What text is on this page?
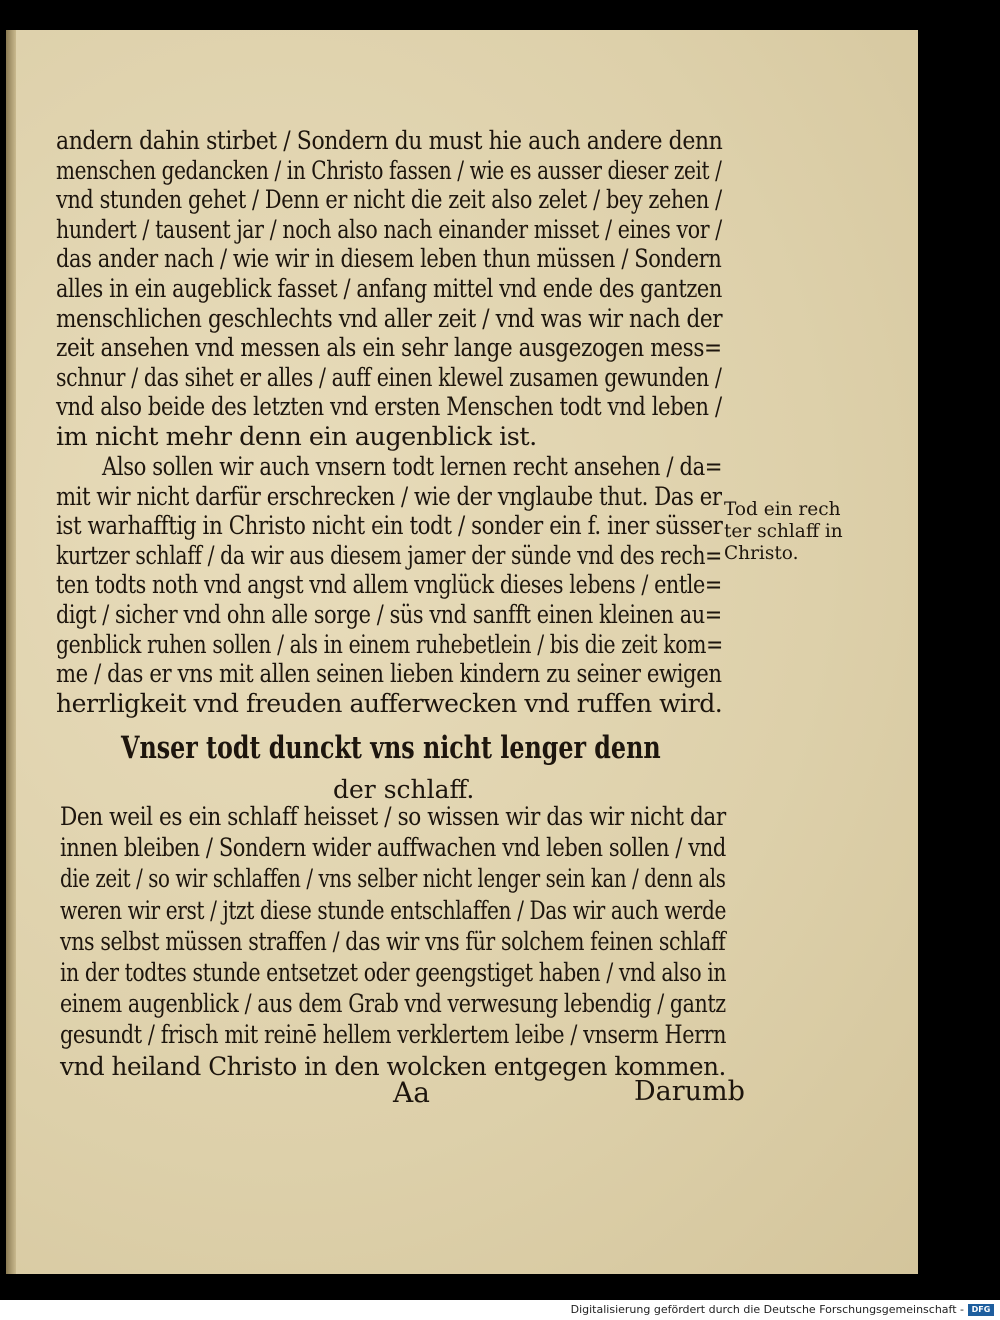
andern dahin stirbet / Sondern du must hie auch andere denn
menschen gedancken / in Christo fassen / wie es ausser dieser zeit /
vnd stunden gehet / Denn er nicht die zeit also zelet / bey zehen /
hundert / tausent jar / noch also nach einander misset / eines vor /
das ander nach / wie wir in diesem leben thun müssen / Sondern
alles in ein augeblick fasset / anfang mittel vnd ende des gantzen
menschlichen geschlechts vnd aller zeit / vnd was wir nach der
zeit ansehen vnd messen als ein sehr lange ausgezogen mess=
schnur / das sihet er alles / auff einen klewel zusamen gewunden /
vnd also beide des letzten vnd ersten Menschen todt vnd leben /
im nicht mehr denn ein augenblick ist.
Also sollen wir auch vnsern todt lernen recht ansehen / da=
mit wir nicht darfür erschrecken / wie der vnglaube thut. Das er
ist warhafftig in Christo nicht ein todt / sonder ein f. iner süsser
kurtzer schlaff / da wir aus diesem jamer der sünde vnd des rech=
ten todts noth vnd angst vnd allem vnglück dieses lebens / entle=
digt / sicher vnd ohn alle sorge / süs vnd sanfft einen kleinen au=
genblick ruhen sollen / als in einem ruhebetlein / bis die zeit kom=
me / das er vns mit allen seinen lieben kindern zu seiner ewigen
herrligkeit vnd freuden aufferwecken vnd ruffen wird.
Den weil es ein schlaff heisset / so wissen wir das wir nicht dar
innen bleiben / Sondern wider auffwachen vnd leben sollen / vnd
die zeit / so wir schlaffen / vns selber nicht lenger sein kan / denn als
weren wir erst / jtzt diese stunde entschlaffen / Das wir auch werde
vns selbst müssen straffen / das wir vns für solchem feinen schlaff
in der todtes stunde entsetzet oder geengstiget haben / vnd also in
einem augenblick / aus dem Grab vnd verwesung lebendig / gantz
gesundt / frisch mit reinē hellem verklertem leibe / vnserm Herrn
vnd heiland Christo in den wolcken entgegen kommen.
Vnser todt dunckt vns nicht lenger denn
der schlaff.
Tod ein rech
ter schlaff in
Christo.
Aa	Darumb
Digitalisierung gefördert durch die Deutsche Forschungsgemeinschaft - DFG
